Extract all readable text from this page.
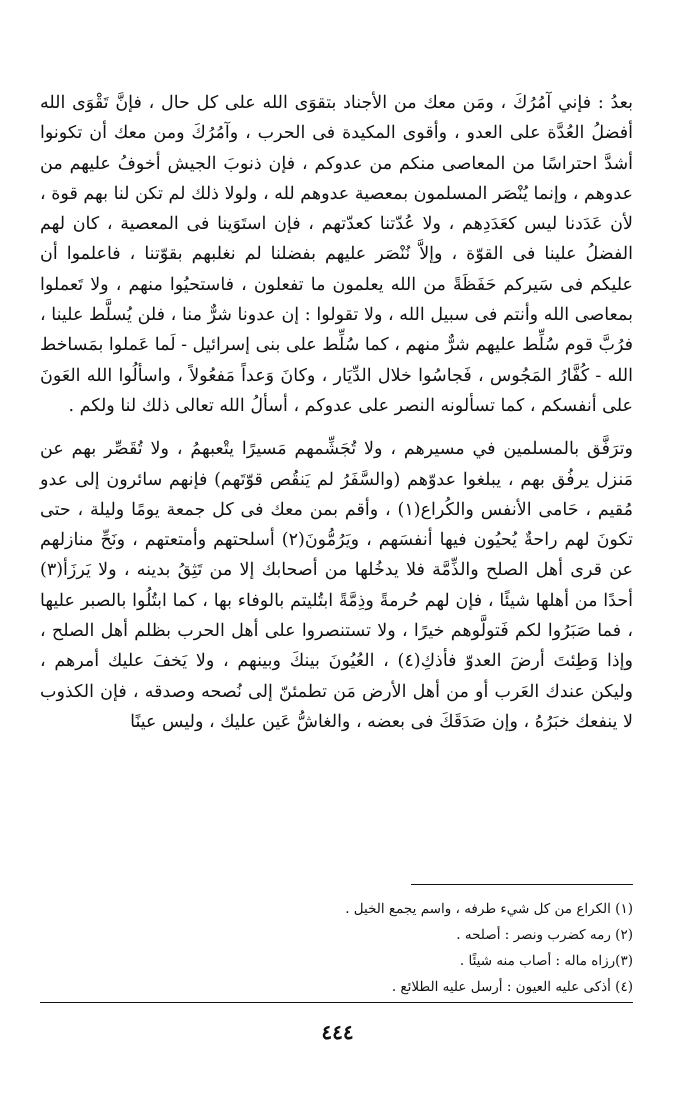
بعدُ : فإني آمُرُكَ ، ومَن معك من الأجناد بتقوَى الله على كل حال ، فإنَّ تَقْوَى الله أفضلُ العُدَّة على العدو ، وأقوى المكيدة فى الحرب ، وآمُرُكَ ومن معك أن تكونوا أشدَّ احتراسًا من المعاصى منكم من عدوكم ، فإن ذنوبَ الجيش أخوفُ عليهم من عدوهم ، وإنما يُنْصَر المسلمون بمعصية عدوهم لله ، ولولا ذلك لم تكن لنا بهم قوة ، لأن عَدَدنا ليس كعَدَدِهم ، ولا عُدّتنا كعدّتهم ، فإن استَوَينا فى المعصية ، كان لهم الفضلُ علينا فى القوّة ، وإلاَّ نُنْصَر عليهم بفضلنا لم نغلبهم بقوّتنا ، فاعلموا أن عليكم فى سَيركم حَفَظَةً من الله يعلمون ما تفعلون ، فاستحيُوا منهم ، ولا تَعملوا بمعاصى الله وأنتم فى سبيل الله ، ولا تقولوا : إن عدونا شرٌّ منا ، فلن يُسلَّط علينا ، فرُبَّ قوم سُلِّط عليهم شرٌّ منهم ، كما سُلِّط على بنى إسرائيل - لَما عَملوا بمَساخط الله - كُفَّارُ المَجُوس ، فَجاسُوا خلال الدِّيَار ، وكانَ وَعداً مَفعُولاً ، واسألُوا الله العَونَ على أنفسكم ، كما تسألونه النصر على عدوكم ، أسألُ الله تعالى ذلك لنا ولكم .

وترَفَّق بالمسلمين في مسيرهم ، ولا تُجَشِّمهم مَسيرًا يتْعبهمُ ، ولا تُقَصِّر بهم عن مَنزل يرفُق بهم ، يبلغوا عدوّهم (والسَّفَرُ لم يَنقُص قوّتَهم) فإنهم سائرون إلى عدو مُقيم ، حَامى الأنفس والكُراع(١) ، وأقم بمن معك فى كل جمعة يومًا وليلة ، حتى تكونَ لهم راحةٌ يُحيُون فيها أنفسَهم ، ويَرُمُّونَ(٢) أسلحتهم وأمتعتهم ، ونَحِّ منازلهم عن قرى أهل الصلح والذِّمَّة فلا يدخُلها من أصحابك إلا من تَثِقُ بدينه ، ولا يَرزَأ(٣) أحدًا من أهلها شيئًا ، فإن لهم حُرمةً وذِمَّةً ابتُليتم بالوفاء بها ، كما ابتُلُوا بالصبر عليها ، فما صَبَرُوا لكم فَتولَّوهم خيرًا ، ولا تستنصروا على أهل الحرب بظلم أهل الصلح ، وإذا وَطِئتَ أرضَ العدوّ فأذكِ(٤) ، العُيُونَ بينكَ وبينهم ، ولا يَخفَ عليك أمرهم ، وليكن عندك العَرب أو من أهل الأرض مَن تطمئنّ إلى نُصحه وصدقه ، فإن الكذوب لا ينفعك خبَرُهُ ، وإن صَدَقَكَ فى بعضه ، والغاشُّ عَين عليك ، وليس عينًا

(١) الكراع من كل شيء طرفه ، واسم يجمع الخيل .
(٢) رمه كضرب ونصر : أصلحه .
(٣)رزاه ماله : أصاب منه شيئًا .
(٤) أذكى عليه العيون : أرسل عليه الطلائع .
٤٤٤
